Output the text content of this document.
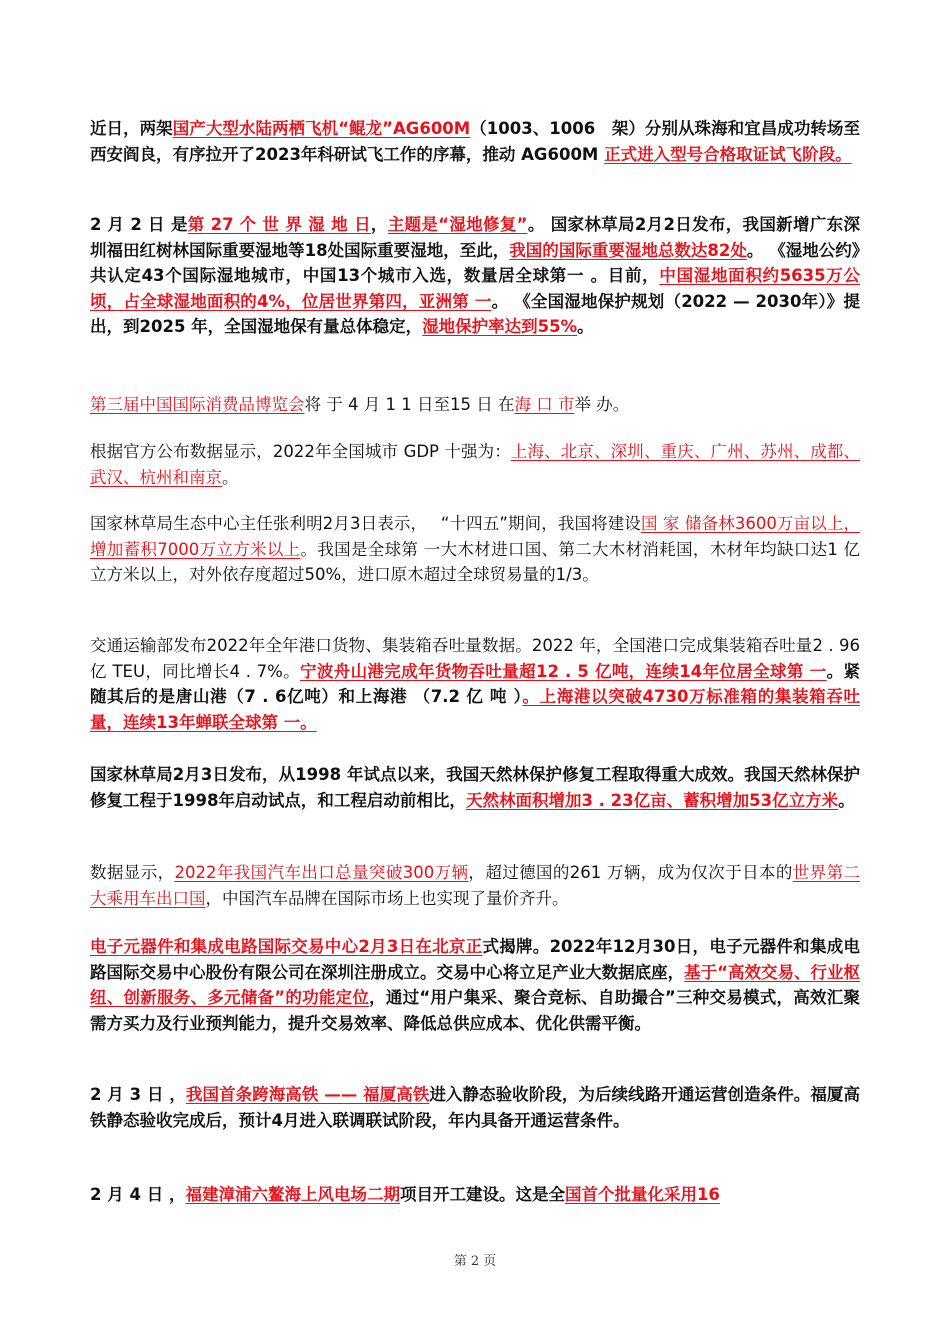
近日，两架国产大型水陆两栖飞机“鲲龙”AG600M（1003、1006　架）分别从珠海和宜昌成功转场至西安阎良，有序拉开了2023年科研试飞工作的序幕，推动 AG600M 正式进入型号合格取证试飞阶段。

2 月 2 日 是第 27 个 世 界 湿 地 日，主题是“湿地修复”。 国家林草局2月2日发布，我国新增广东深圳福田红树林国际重要湿地等18处国际重要湿地，至此，我国的国际重要湿地总数达82处。 《湿地公约》共认定43个国际湿地城市，中国13个城市入选，数量居全球第一 。目前，中国湿地面积约5635万公顷，占全球湿地面积的4%，位居世界第四，亚洲第 一。 《全国湿地保护规划（2022 — 2030年）》提出，到2025 年，全国湿地保有量总体稳定，湿地保护率达到55%。

第三届中国国际消费品博览会将 于 4 月 1 1 日至15 日 在海 口 市举 办。

根据官方公布数据显示，2022年全国城市 GDP 十强为：上海、北京、深圳、重庆、广州、苏州、成都、武汉、杭州和南京。

国家林草局生态中心主任张利明2月3日表示，　 “十四五”期间，我国将建设国 家 储备林3600万亩以上，增加蓄积7000万立方米以上。我国是全球第 一大木材进口国、第二大木材消耗国，木材年均缺口达1 亿立方米以上，对外依存度超过50%，进口原木超过全球贸易量的1/3。

交通运输部发布2022年全年港口货物、集装箱吞吐量数据。2022 年，全国港口完成集装箱吞吐量2 . 96 亿 TEU，同比增长4 . 7%。宁波舟山港完成年货物吞吐量超12 . 5 亿吨，连续14年位居全球第 一。紧随其后的是唐山港（7 . 6亿吨）和上海港 （7.2 亿 吨 ）。上海港以突破4730万标准箱的集装箱吞吐量，连续13年蝉联全球第 一。

国家林草局2月3日发布，从1998 年试点以来，我国天然林保护修复工程取得重大成效。我国天然林保护修复工程于1998年启动试点，和工程启动前相比，天然林面积增加3 . 23亿亩、蓄积增加53亿立方米。

数据显示，2022年我国汽车出口总量突破300万辆，超过德国的261 万辆，成为仅次于日本的世界第二大乘用车出口国，中国汽车品牌在国际市场上也实现了量价齐升。

电子元器件和集成电路国际交易中心2月3日在北京正式揭牌。2022年12月30日，电子元器件和集成电路国际交易中心股份有限公司在深圳注册成立。交易中心将立足产业大数据底座，基于“高效交易、行业枢纽、创新服务、多元储备”的功能定位，通过“用户集采、聚合竞标、自助撮合”三种交易模式，高效汇聚需方买力及行业预判能力，提升交易效率、降低总供应成本、优化供需平衡。

2 月 3 日 ，我国首条跨海高铁 —— 福厦高铁进入静态验收阶段，为后续线路开通运营创造条件。福厦高铁静态验收完成后，预计4月进入联调联试阶段，年内具备开通运营条件。

2 月 4 日 ，福建漳浦六鳌海上风电场二期项目开工建设。这是全国首个批量化采用16

第 2 页
